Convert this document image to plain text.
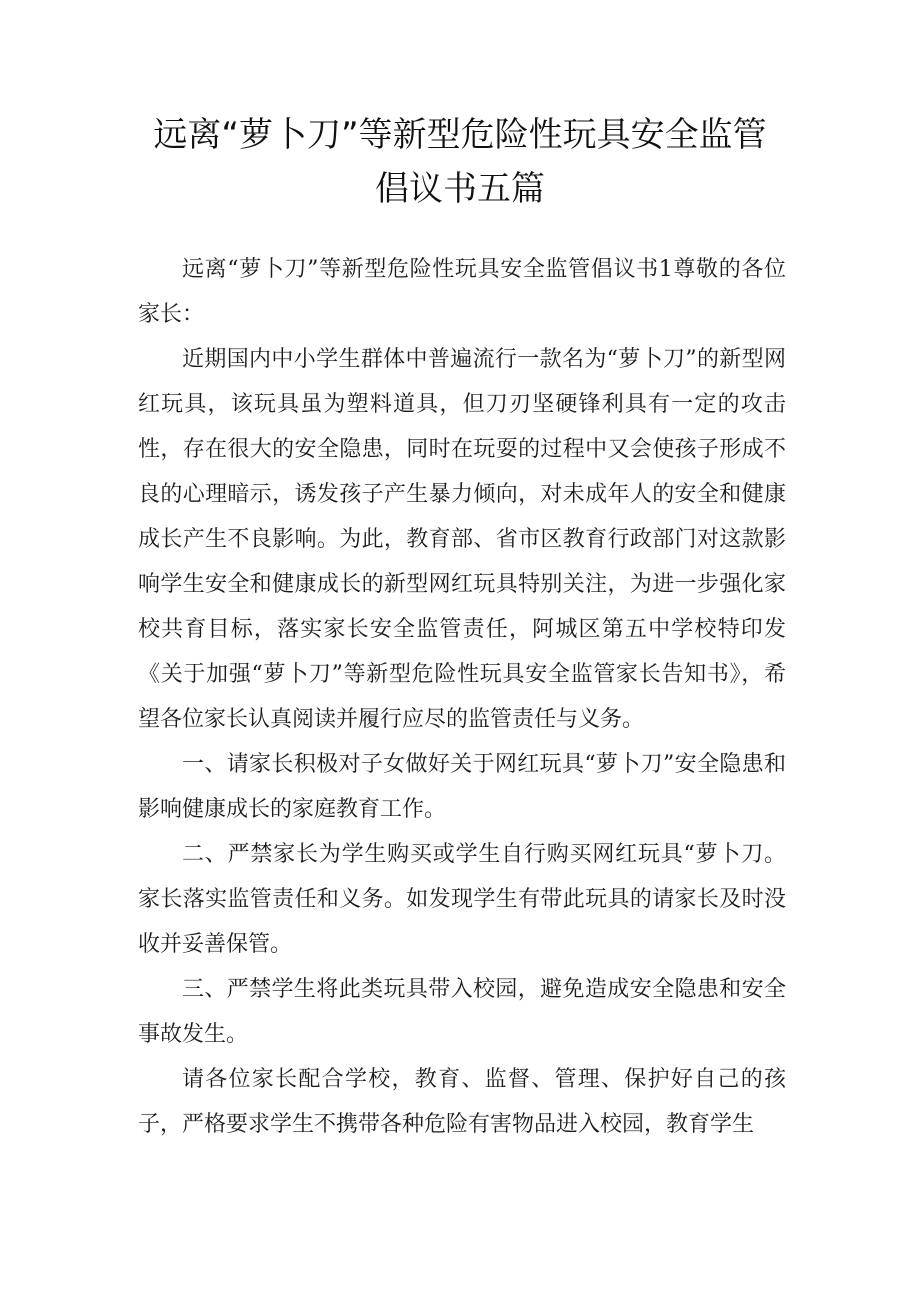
远离“萝卜刀”等新型危险性玩具安全监管
倡议书五篇

远离“萝卜刀”等新型危险性玩具安全监管倡议书1尊敬的各位家长：

近期国内中小学生群体中普遍流行一款名为“萝卜刀”的新型网红玩具，该玩具虽为塑料道具，但刀刃坚硬锋利具有一定的攻击性，存在很大的安全隐患，同时在玩耍的过程中又会使孩子形成不良的心理暗示，诱发孩子产生暴力倾向，对未成年人的安全和健康成长产生不良影响。为此，教育部、省市区教育行政部门对这款影响学生安全和健康成长的新型网红玩具特别关注，为进一步强化家校共育目标，落实家长安全监管责任，阿城区第五中学校特印发《关于加强“萝卜刀”等新型危险性玩具安全监管家长告知书》，希望各位家长认真阅读并履行应尽的监管责任与义务。

一、请家长积极对子女做好关于网红玩具“萝卜刀”安全隐患和影响健康成长的家庭教育工作。

二、严禁家长为学生购买或学生自行购买网红玩具“萝卜刀。家长落实监管责任和义务。如发现学生有带此玩具的请家长及时没收并妥善保管。

三、严禁学生将此类玩具带入校园，避免造成安全隐患和安全事故发生。

请各位家长配合学校，教育、监督、管理、保护好自己的孩子，严格要求学生不携带各种危险有害物品进入校园，教育学生
